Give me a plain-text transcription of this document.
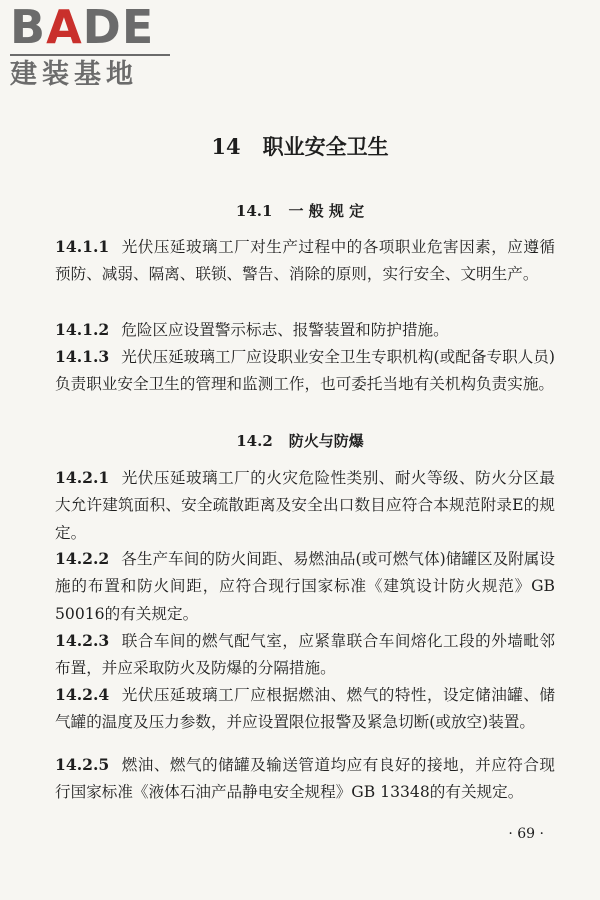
BADE
建装基地
14 职业安全卫生
14.1 一 般 规 定
14.1.1 光伏压延玻璃工厂对生产过程中的各项职业危害因素，应遵循预防、减弱、隔离、联锁、警告、消除的原则，实行安全、文明生产。
14.1.2 危险区应设置警示标志、报警装置和防护措施。
14.1.3 光伏压延玻璃工厂应设职业安全卫生专职机构(或配备专职人员)负责职业安全卫生的管理和监测工作，也可委托当地有关机构负责实施。
14.2 防火与防爆
14.2.1 光伏压延玻璃工厂的火灾危险性类别、耐火等级、防火分区最大允许建筑面积、安全疏散距离及安全出口数目应符合本规范附录E的规定。
14.2.2 各生产车间的防火间距、易燃油品(或可燃气体)储罐区及附属设施的布置和防火间距，应符合现行国家标准《建筑设计防火规范》GB 50016的有关规定。
14.2.3 联合车间的燃气配气室，应紧靠联合车间熔化工段的外墙毗邻布置，并应采取防火及防爆的分隔措施。
14.2.4 光伏压延玻璃工厂应根据燃油、燃气的特性，设定储油罐、储气罐的温度及压力参数，并应设置限位报警及紧急切断(或放空)装置。
14.2.5 燃油、燃气的储罐及输送管道均应有良好的接地，并应符合现行国家标准《液体石油产品静电安全规程》GB 13348的有关规定。
· 69 ·
